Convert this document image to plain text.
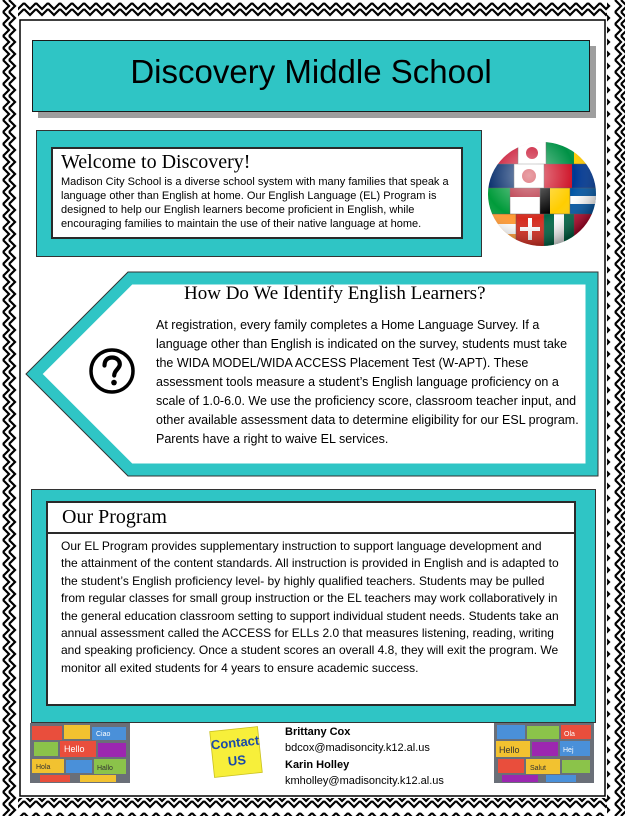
Discovery Middle School
Welcome to Discovery!
Madison City School is a diverse school system with many families that speak a language other than English at home. Our English Language (EL) Program is designed to help our English learners become proficient in English, while encouraging families to maintain the use of their native language at home.
How Do We Identify English Learners?
At registration, every family completes a Home Language Survey. If a language other than English is indicated on the survey, students must take the WIDA MODEL/WIDA ACCESS Placement Test (W-APT). These assessment tools measure a student’s English language proficiency on a scale of 1.0-6.0. We use the proficiency score, classroom teacher input, and other available assessment data to determine eligibility for our ESL program. Parents have a right to waive EL services.
Our Program
Our EL Program provides supplementary instruction to support language development and the attainment of the content standards. All instruction is provided in English and is adapted to the student’s English proficiency level- by highly qualified teachers. Students may be pulled from regular classes for small group instruction or the EL teachers may work collaboratively in the general education classroom setting to support individual student needs. Students take an annual assessment called the ACCESS for ELLs 2.0 that measures listening, reading, writing and speaking proficiency. Once a student scores an overall 4.8, they will exit the program. We monitor all exited students for 4 years to ensure academic success.
Hello
Hola
Ciao
Hallo
Contact
US
Brittany Cox
bdcox@madisoncity.k12.al.us
Karin Holley
kmholley@madisoncity.k12.al.us
Hello
Salut
Ola
Hej
